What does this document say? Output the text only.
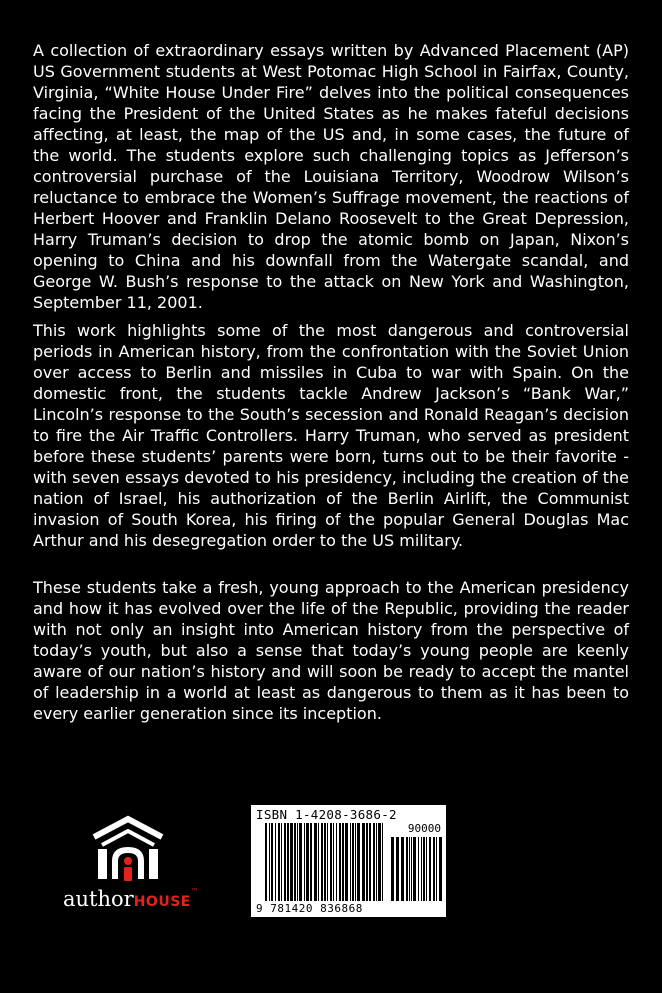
A collection of extraordinary essays written by Advanced Placement (AP) US Government students at West Potomac High School in Fairfax, County, Virginia, “White House Under Fire” delves into the political consequences facing the President of the United States as he makes fateful decisions affecting, at least, the map of the US and, in some cases, the future of the world. The students explore such challenging topics as Jefferson’s controversial purchase of the Louisiana Territory, Woodrow Wilson’s reluctance to embrace the Women’s Suffrage movement, the reactions of Herbert Hoover and Franklin Delano Roosevelt to the Great Depression, Harry Truman’s decision to drop the atomic bomb on Japan, Nixon’s opening to China and his downfall from the Watergate scandal, and George W. Bush’s response to the attack on New York and Washington, September 11, 2001.

This work highlights some of the most dangerous and controversial periods in American history, from the confrontation with the Soviet Union over access to Berlin and missiles in Cuba to war with Spain. On the domestic front, the students tackle Andrew Jackson’s “Bank War,” Lincoln’s response to the South’s secession and Ronald Reagan’s decision to fire the Air Traffic Controllers. Harry Truman, who served as president before these students’ parents were born, turns out to be their favorite - with seven essays devoted to his presidency, including the creation of the nation of Israel, his authorization of the Berlin Airlift, the Communist invasion of South Korea, his firing of the popular General Douglas Mac Arthur and his desegregation order to the US military.

These students take a fresh, young approach to the American presidency and how it has evolved over the life of the Republic, providing the reader with not only an insight into American history from the perspective of today’s youth, but also a sense that today’s young people are keenly aware of our nation’s history and will soon be ready to accept the mantel of leadership in a world at least as dangerous to them as it has been to every earlier generation since its inception.

authorHOUSE™
ISBN 1-4208-3686-2
90000
9 781420 836868
